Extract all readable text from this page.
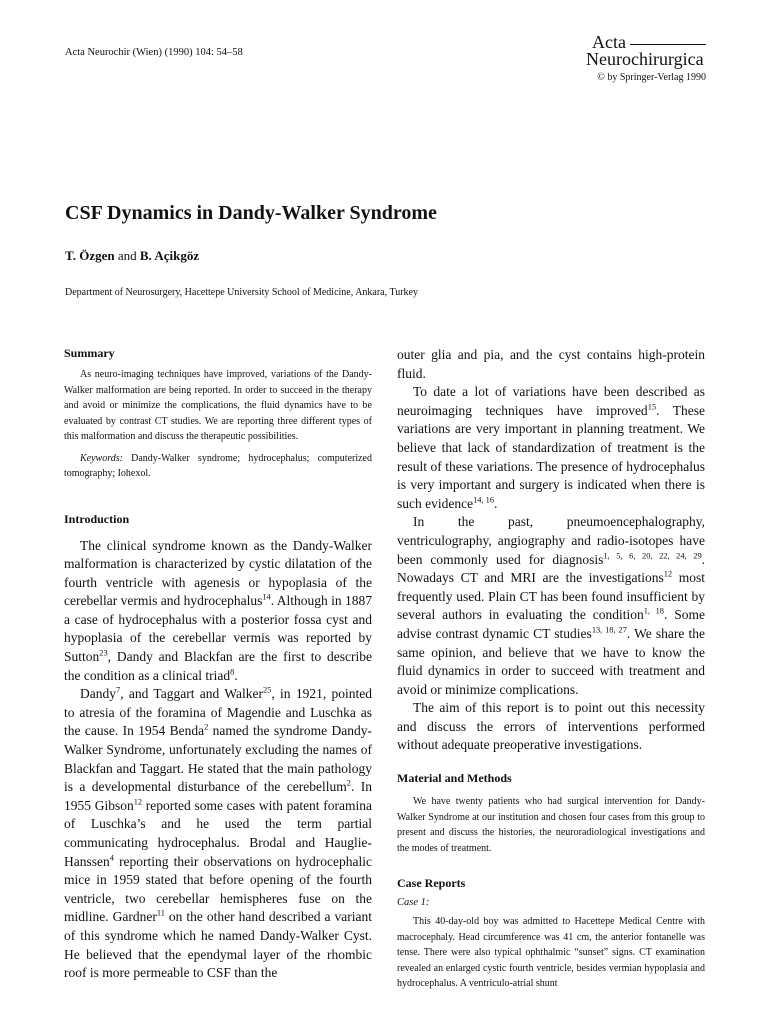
Acta Neurochir (Wien) (1990) 104: 54–58
Acta
Neurochirurgica
© by Springer-Verlag 1990
CSF Dynamics in Dandy-Walker Syndrome
T. Özgen and B. Açikgöz
Department of Neurosurgery, Hacettepe University School of Medicine, Ankara, Turkey
Summary

As neuro-imaging techniques have improved, variations of the Dandy-Walker malformation are being reported. In order to succeed in the therapy and avoid or minimize the complications, the fluid dynamics have to be evaluated by contrast CT studies. We are reporting three different types of this malformation and discuss the therapeutic possibilities.

Keywords: Dandy-Walker syndrome; hydrocephalus; computerized tomography; Iohexol.

Introduction

The clinical syndrome known as the Dandy-Walker malformation is characterized by cystic dilatation of the fourth ventricle with agenesis or hypoplasia of the cerebellar vermis and hydrocephalus$^{14}$. Although in 1887 a case of hydrocephalus with a posterior fossa cyst and hypoplasia of the cerebellar vermis was reported by Sutton$^{23}$, Dandy and Blackfan are the first to describe the condition as a clinical triad$^8$.

Dandy$^7$, and Taggart and Walker$^{25}$, in 1921, pointed to atresia of the foramina of Magendie and Luschka as the cause. In 1954 Benda$^2$ named the syndrome Dandy-Walker Syndrome, unfortunately excluding the names of Blackfan and Taggart. He stated that the main pathology is a developmental disturbance of the cerebellum$^2$. In 1955 Gibson$^{12}$ reported some cases with patent foramina of Luschka’s and he used the term partial communicating hydrocephalus. Brodal and Hauglie-Hanssen$^4$ reporting their observations on hydrocephalic mice in 1959 stated that before opening of the fourth ventricle, two cerebellar hemispheres fuse on the midline. Gardner$^{11}$ on the other hand described a variant of this syndrome which he named Dandy-Walker Cyst. He believed that the ependymal layer of the rhombic roof is more permeable to CSF than the

outer glia and pia, and the cyst contains high-protein fluid.

To date a lot of variations have been described as neuroimaging techniques have improved$^{15}$. These variations are very important in planning treatment. We believe that lack of standardization of treatment is the result of these variations. The presence of hydrocephalus is very important and surgery is indicated when there is such evidence$^{14, 16}$.

In the past, pneumoencephalography, ventriculography, angiography and radio-isotopes have been commonly used for diagnosis$^{1, 5, 6, 20, 22, 24, 29}$. Nowadays CT and MRI are the investigations$^{12}$ most frequently used. Plain CT has been found insufficient by several authors in evaluating the condition$^{1, 18}$. Some advise contrast dynamic CT studies$^{13, 18, 27}$. We share the same opinion, and believe that we have to know the fluid dynamics in order to succeed with treatment and avoid or minimize complications.

The aim of this report is to point out this necessity and discuss the errors of interventions performed without adequate preoperative investigations.

Material and Methods

We have twenty patients who had surgical intervention for Dandy-Walker Syndrome at our institution and chosen four cases from this group to present and discuss the histories, the neuroradiological investigations and the modes of treatment.

Case Reports

Case 1:

This 40-day-old boy was admitted to Hacettepe Medical Centre with macrocephaly. Head circumference was 41 cm, the anterior fontanelle was tense. There were also typical ophthalmic “sunset” signs. CT examination revealed an enlarged cystic fourth ventricle, besides vermian hypoplasia and hydrocephalus. A ventriculo-atrial shunt
